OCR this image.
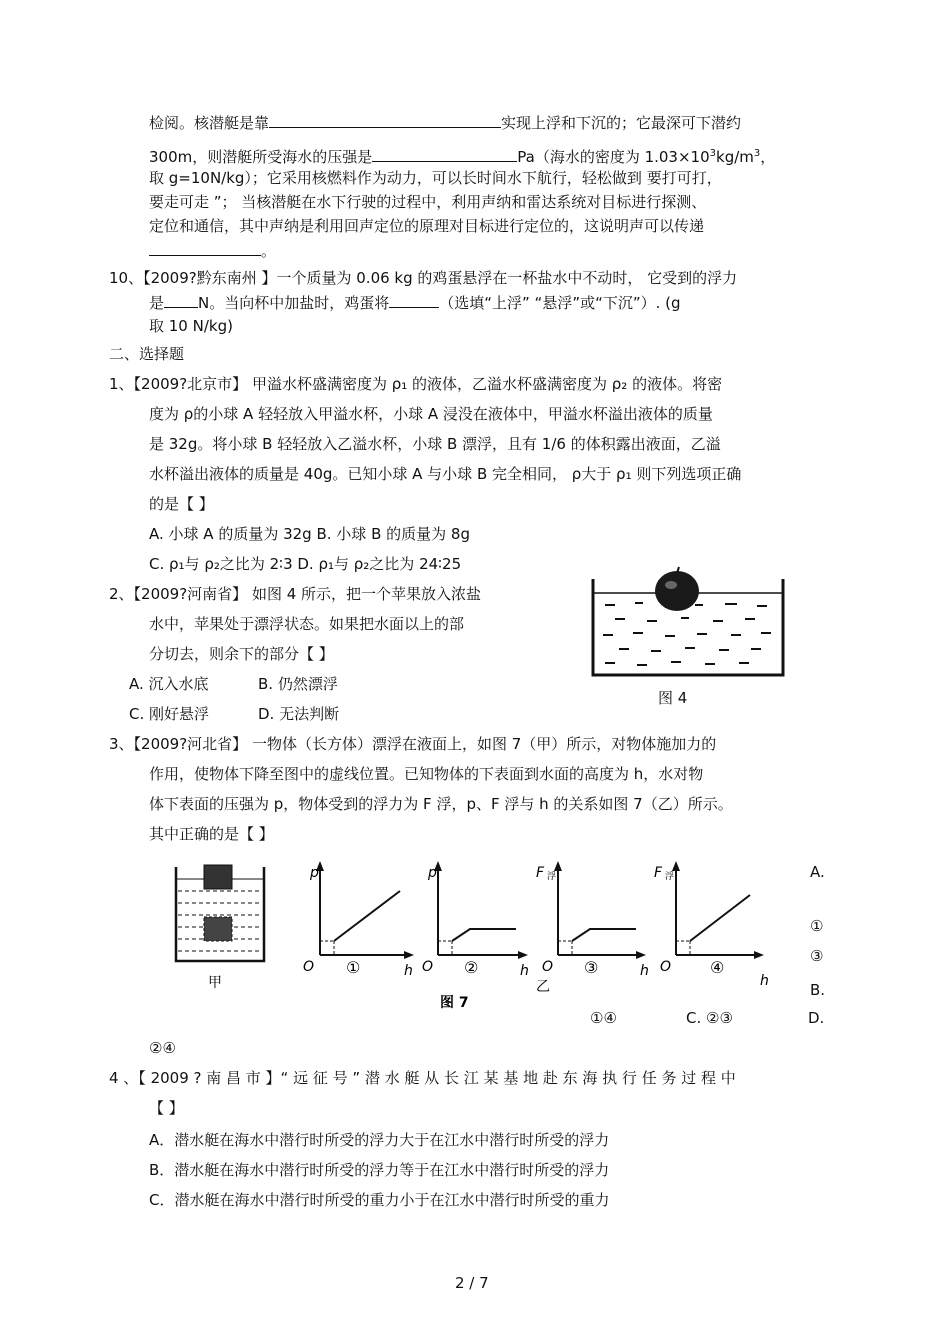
检阅。核潜艇是靠	实现上浮和下沉的；它最深可下潜约
300m，则潜艇所受海水的压强是	Pa（海水的密度为 $1.03\times 10^3kg/m^3$，
取 g=10N/kg）；它采用核燃料作为动力，可以长时间水下航行，轻松做到 要打可打，
要走可走 ”； 当核潜艇在水下行驶的过程中，利用声纳和雷达系统对目标进行探测、
定位和通信，其中声纳是利用回声定位的原理对目标进行定位的，这说明声可以传递
。
10、【2009?黔东南州 】一个质量为 0.06 kg 的鸡蛋悬浮在一杯盐水中不动时， 它受到的浮力
是 N。当向杯中加盐时，鸡蛋将	（选填“上浮” “悬浮”或“下沉”）. (g
取 10 N/kg)
二、选择题
1、【2009?北京市】 甲溢水杯盛满密度为 ρ₁ 的液体，乙溢水杯盛满密度为 ρ₂ 的液体。将密
度为 ρ的小球 A 轻轻放入甲溢水杯，小球 A 浸没在液体中，甲溢水杯溢出液体的质量
是 32g。将小球 B 轻轻放入乙溢水杯，小球 B 漂浮，且有 1/6 的体积露出液面，乙溢
水杯溢出液体的质量是 40g。已知小球 A 与小球 B 完全相同， ρ大于 ρ₁ 则下列选项正确
的是【 】
A. 小球 A 的质量为 32g B. 小球 B 的质量为 8g
C. ρ₁与 ρ₂之比为 2∶3 D. ρ₁与 ρ₂之比为 24∶25
2、【2009?河南省】 如图 4 所示，把一个苹果放入浓盐
水中，苹果处于漂浮状态。如果把水面以上的部
分切去，则余下的部分【 】
A. 沉入水底	B. 仍然漂浮
C. 刚好悬浮	D. 无法判断
图 4
3、【2009?河北省】 一物体（长方体）漂浮在液面上，如图 7（甲）所示，对物体施加力的
作用，使物体下降至图中的虚线位置。已知物体的下表面到水面的高度为 h，水对物
体下表面的压强为 p，物体受到的浮力为 F 浮，p、F 浮与 h 的关系如图 7（乙）所示。
其中正确的是【 】
甲
p
O	h
①
p
O	h
②
F 浮
O	h
③
乙
F 浮
O
h
④
图 7
A.
①
③
B.
①④	C. ②③	D.
②④
4 、【 2009 ? 南 昌 市 】“ 远 征 号 ” 潜 水 艇 从 长 江 某 基 地 赴 东 海 执 行 任 务 过 程 中
【 】
A．潜水艇在海水中潜行时所受的浮力大于在江水中潜行时所受的浮力
B．潜水艇在海水中潜行时所受的浮力等于在江水中潜行时所受的浮力
C．潜水艇在海水中潜行时所受的重力小于在江水中潜行时所受的重力
2 / 7
